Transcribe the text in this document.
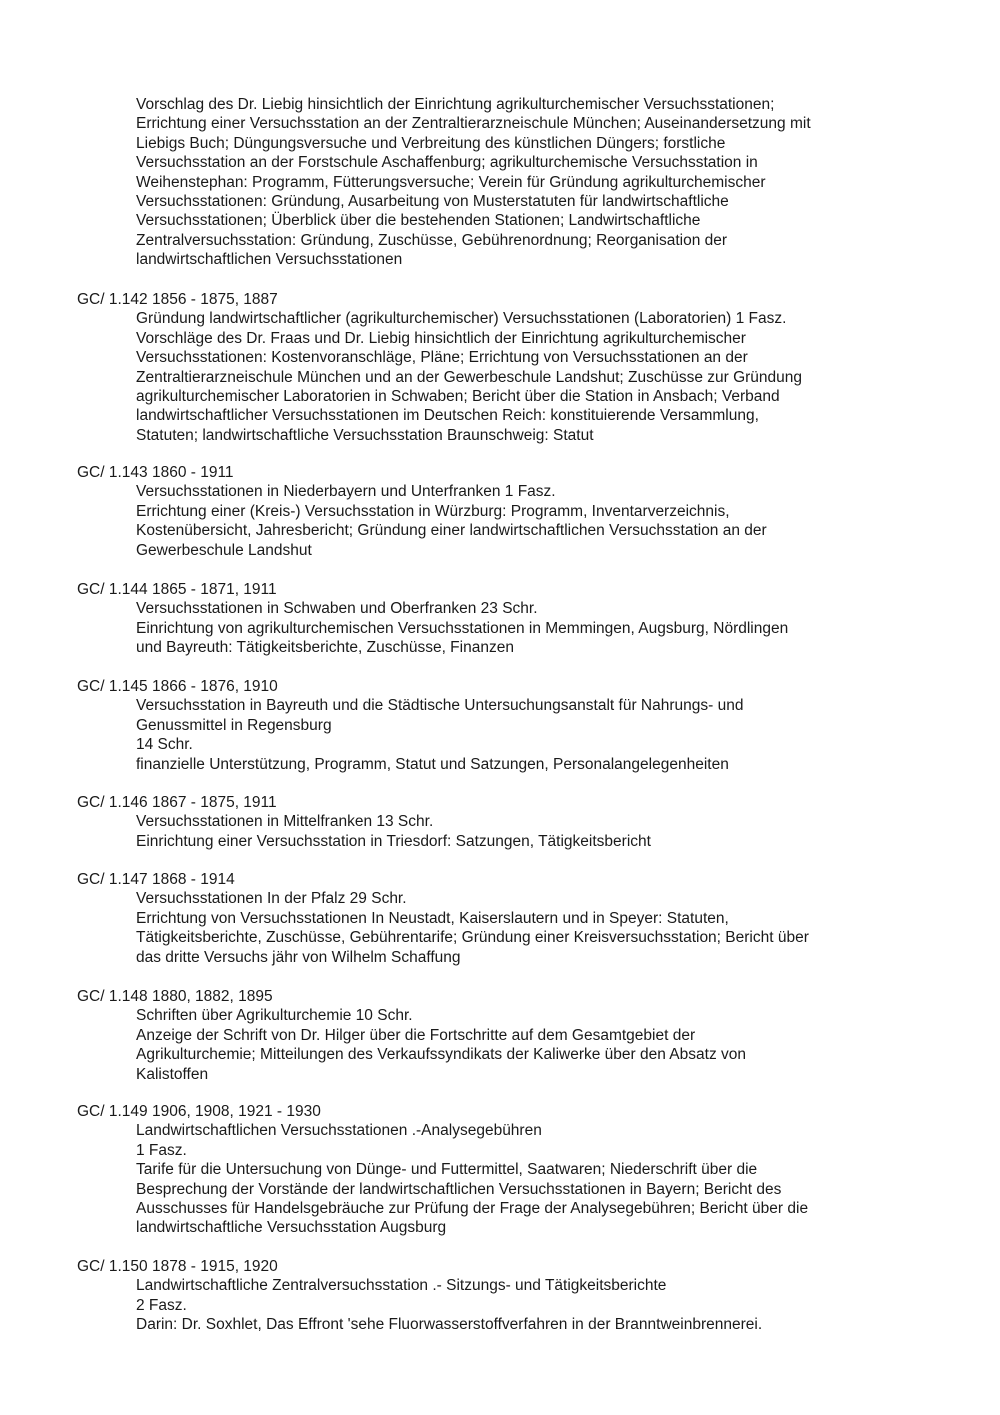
Vorschlag des Dr. Liebig hinsichtlich der Einrichtung agrikulturchemischer Versuchsstationen;
Errichtung einer Versuchsstation an der Zentraltierarzneischule München; Auseinandersetzung mit
Liebigs Buch; Düngungsversuche und Verbreitung des künstlichen Düngers; forstliche
Versuchsstation an der Forstschule Aschaffenburg; agrikulturchemische Versuchsstation in
Weihenstephan: Programm, Fütterungsversuche; Verein für Gründung agrikulturchemischer
Versuchsstationen: Gründung, Ausarbeitung von Musterstatuten für landwirtschaftliche
Versuchsstationen; Überblick über die bestehenden Stationen; Landwirtschaftliche
Zentralversuchsstation: Gründung, Zuschüsse, Gebührenordnung; Reorganisation der
landwirtschaftlichen Versuchsstationen
GC/ 1.142 1856 - 1875, 1887
Gründung landwirtschaftlicher (agrikulturchemischer) Versuchsstationen (Laboratorien) 1 Fasz.
Vorschläge des Dr. Fraas und Dr. Liebig hinsichtlich der Einrichtung agrikulturchemischer
Versuchsstationen: Kostenvoranschläge, Pläne; Errichtung von Versuchsstationen an der
Zentraltierarzneischule München und an der Gewerbeschule Landshut; Zuschüsse zur Gründung
agrikulturchemischer Laboratorien in Schwaben; Bericht über die Station in Ansbach; Verband
landwirtschaftlicher Versuchsstationen im Deutschen Reich: konstituierende Versammlung,
Statuten; landwirtschaftliche Versuchsstation Braunschweig: Statut
GC/ 1.143 1860 - 1911
Versuchsstationen in Niederbayern und Unterfranken 1 Fasz.
Errichtung einer (Kreis-) Versuchsstation in Würzburg: Programm, Inventarverzeichnis,
Kostenübersicht, Jahresbericht; Gründung einer landwirtschaftlichen Versuchsstation an der
Gewerbeschule Landshut
GC/ 1.144 1865 - 1871, 1911
Versuchsstationen in Schwaben und Oberfranken 23 Schr.
Einrichtung von agrikulturchemischen Versuchsstationen in Memmingen, Augsburg, Nördlingen
und Bayreuth: Tätigkeitsberichte, Zuschüsse, Finanzen
GC/ 1.145 1866 - 1876, 1910
Versuchsstation in Bayreuth und die Städtische Untersuchungsanstalt für Nahrungs- und
Genussmittel in Regensburg
14 Schr.
finanzielle Unterstützung, Programm, Statut und Satzungen, Personalangelegenheiten
GC/ 1.146 1867 - 1875, 1911
Versuchsstationen in Mittelfranken 13 Schr.
Einrichtung einer Versuchsstation in Triesdorf: Satzungen, Tätigkeitsbericht
GC/ 1.147 1868 - 1914
Versuchsstationen In der Pfalz 29 Schr.
Errichtung von Versuchsstationen In Neustadt, Kaiserslautern und in Speyer: Statuten,
Tätigkeitsberichte, Zuschüsse, Gebührentarife; Gründung einer Kreisversuchsstation; Bericht über
das dritte Versuchs jähr von Wilhelm Schaffung
GC/ 1.148 1880, 1882, 1895
Schriften über Agrikulturchemie 10 Schr.
Anzeige der Schrift von Dr. Hilger über die Fortschritte auf dem Gesamtgebiet der
Agrikulturchemie; Mitteilungen des Verkaufssyndikats der Kaliwerke über den Absatz von
Kalistoffen
GC/ 1.149 1906, 1908, 1921 - 1930
Landwirtschaftlichen Versuchsstationen .-Analysegebühren
1 Fasz.
Tarife für die Untersuchung von Dünge- und Futtermittel, Saatwaren; Niederschrift über die
Besprechung der Vorstände der landwirtschaftlichen Versuchsstationen in Bayern; Bericht des
Ausschusses für Handelsgebräuche zur Prüfung der Frage der Analysegebühren; Bericht über die
landwirtschaftliche Versuchsstation Augsburg
GC/ 1.150 1878 - 1915, 1920
Landwirtschaftliche Zentralversuchsstation .- Sitzungs- und Tätigkeitsberichte
2 Fasz.
Darin: Dr. Soxhlet, Das Effront 'sehe Fluorwasserstoffverfahren in der Branntweinbrennerei.
